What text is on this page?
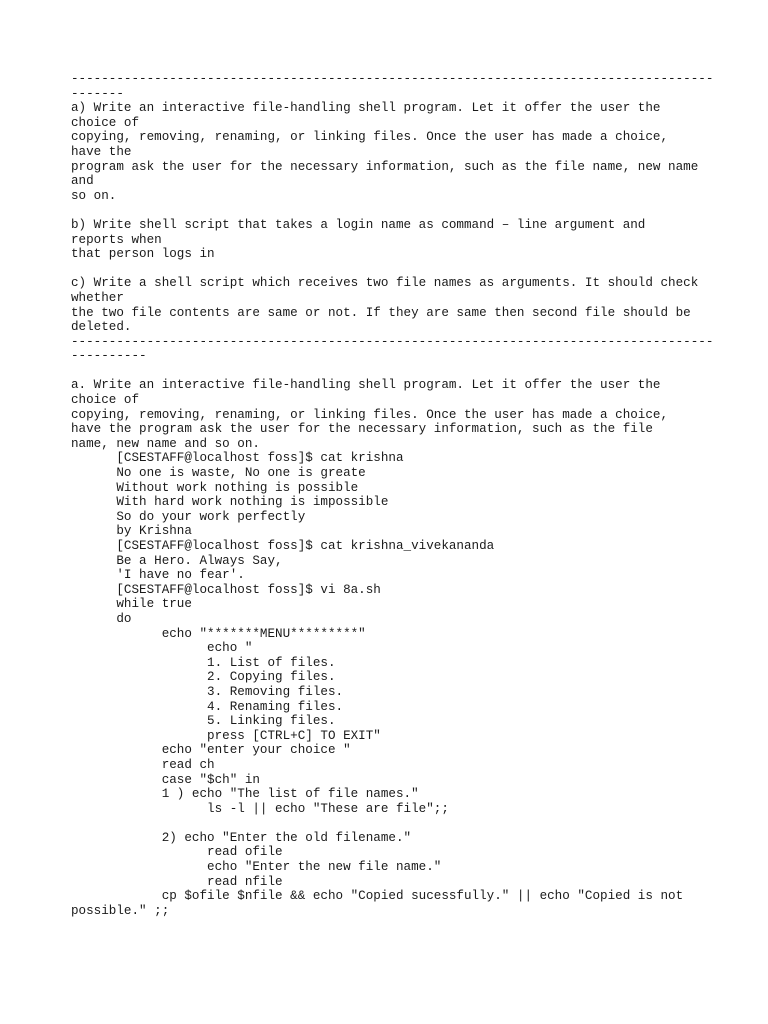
-------------------------------------------------------------------------------------
-------
a) Write an interactive file-handling shell program. Let it offer the user the
choice of
copying, removing, renaming, or linking files. Once the user has made a choice,
have the
program ask the user for the necessary information, such as the file name, new name
and
so on.
b) Write shell script that takes a login name as command – line argument and
reports when
that person logs in
c) Write a shell script which receives two file names as arguments. It should check
whether
the two file contents are same or not. If they are same then second file should be
deleted.
-------------------------------------------------------------------------------------
----------
a. Write an interactive file-handling shell program. Let it offer the user the
choice of
copying, removing, renaming, or linking files. Once the user has made a choice,
have the program ask the user for the necessary information, such as the file
name, new name and so on.
[CSESTAFF@localhost foss]$ cat krishna
No one is waste, No one is greate
Without work nothing is possible
With hard work nothing is impossible
So do your work perfectly
by Krishna
[CSESTAFF@localhost foss]$ cat krishna_vivekananda
Be a Hero. Always Say,
'I have no fear'.
[CSESTAFF@localhost foss]$ vi 8a.sh
while true
do
echo "*******MENU*********"
echo "
1. List of files.
2. Copying files.
3. Removing files.
4. Renaming files.
5. Linking files.
press [CTRL+C] TO EXIT"
echo "enter your choice "
read ch
case "$ch" in
1 ) echo "The list of file names."
ls -l || echo "These are file";;
2) echo "Enter the old filename."
read ofile
echo "Enter the new file name."
read nfile
cp $ofile $nfile && echo "Copied sucessfully." || echo "Copied is not
possible." ;;
